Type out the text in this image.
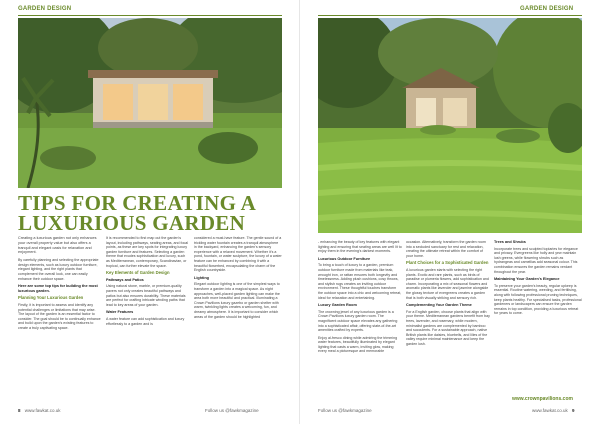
GARDEN DESIGN
TIPS FOR CREATING A
LUXURIOUS GARDEN

Creating a luxurious garden not only enhances your overall property value but also offers a tranquil and elegant oasis for relaxation and enjoyment.

By carefully planning and selecting the appropriate design elements, such as luxury outdoor furniture, elegant lighting, and the right plants that complement the overall look, one can easily enhance their outdoor space.

Here are some top tips for building the most luxurious garden.

Planning Your Luxurious Garden

Firstly, it is important to assess and identify any potential challenges or limitations that may arise. The layout of the garden is an essential factor to consider. The goal should be to continually enhance and build upon the garden's existing features to create a truly captivating space.

It is recommended to first map out the garden's layout, including pathways, seating areas, and focal points, as these are key spots for integrating luxury garden furniture and features. Selecting a garden theme that exudes sophistication and luxury, such as Mediterranean, contemporary, Scandinavian, or tropical, can further elevate the space.

Key Elements of Garden Design

Pathways and Patios

Using natural stone, marble, or premium-quality pavers not only creates beautiful pathways and patios but also ensures durability. These materials are perfect for crafting intricate winding paths that lead to key areas of your garden.

Water Features

A water feature can add sophistication and luxury effortlessly to a garden and is

considered a must-have feature. The gentle sound of a trickling water fountain creates a tranquil atmosphere in the backyard, enhancing the garden's sensory experience with a relaxed movement. Whether it's a pond, fountain, or water sculpture, the luxury of a water feature can be enhanced by combining it with a beautiful flowerbed, encapsulating the charm of the English countryside.

Lighting

Elegant outdoor lighting is one of the simplest ways to transform a garden into a magical space. As night approaches, well-placed garden lighting can make the area both more beautiful and practical. Illuminating a Crown Pavilions luxury gazebo or garden shelter with warm, twinkling lights creates a welcoming, fun, and dreamy atmosphere. It is important to consider which areas of the garden should be highlighted

8 www.fawkat.co.uk	Follow us @fawkmagazine
GARDEN DESIGN

- enhancing the beauty of key features with elegant lighting and ensuring that seating areas are well lit to enjoy them in the evening's darkest moments.

Luxurious Outdoor Furniture

To bring a touch of luxury to a garden, premium outdoor furniture made from materials like teak, wrought iron, or rattan ensures both longevity and timelessness. Adding plush cushions, cosy throws, and stylish rugs creates an inviting outdoor environment. These thoughtful touches transform the outdoor space into a chic and welcoming retreat, ideal for relaxation and entertaining.

Luxury Garden Room

The crowning jewel of any luxurious garden is a Crown Pavilions luxury garden room. The magnificent outdoor space elevates any gathering into a sophisticated affair, offering state-of-the-art amenities crafted by experts.

Enjoy al-fresco dining while admiring the trimming water features, beautifully illuminated by elegant lighting that casts a warm, inviting glow, making every meal a picturesque and memorable

occasion. Alternatively, transform the garden room into a secluded sanctuary for rest and relaxation, creating the ultimate retreat within the comfort of your home.

Plant Choices for a Sophisticated Garden

A luxurious garden starts with selecting the right plants. Exotic and rare plants, such as birds of paradise or plumeria flowers, add sophistication and charm. Incorporating a mix of seasonal flowers and aromatic plants like lavender and jasmine alongside the glossy texture of evergreens creates a garden that is both visually striking and sensory rich.

Complementing Your Garden Theme

For a English garden, choose plants that align with your theme. Mediterranean gardens benefit from bay trees, lavender, and rosemary, while modern, minimalist gardens are complemented by bamboo and succulents. For a sustainable approach, native British plants like daisies, bluebells, and lilies of the valley require minimal maintenance and keep the garden lush.

Trees and Shrubs

Incorporate trees and sculpted topiaries for elegance and privacy. Evergreens like holly and yew maintain lush greens, while flowering shrubs such as hydrangeas and camellias add seasonal colour. This combination ensures the garden remains verdant throughout the year.

Maintaining Your Garden's Elegance

To preserve your garden's beauty, regular upkeep is essential. Routine watering, weeding, and fertilising, along with following professional pruning techniques, keep plants healthy. For specialised tasks, professional gardeners or landscapers can ensure the garden remains in top condition, providing a luxurious retreat for years to come.

www.crownpavilions.com
Follow us @fawkmagazine	www.fawkat.co.uk 9
